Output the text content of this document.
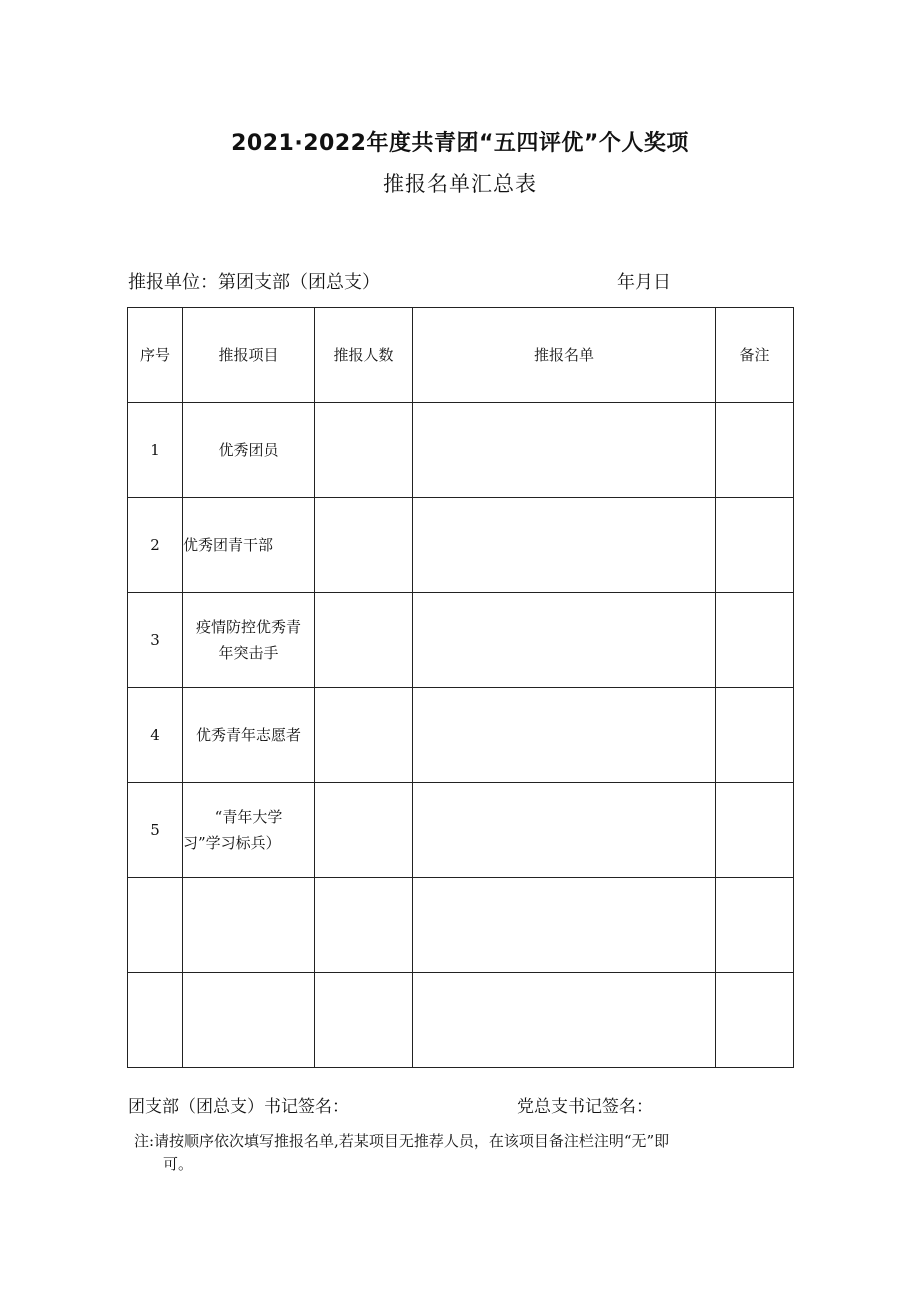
2021·2022年度共青团“五四评优”个人奖项
推报名单汇总表
推报单位：第团支部（团总支）	年月日
序号	推报项目	推报人数	推报名单	备注
1	优秀团员			

2	优秀团青干部			

3	疫情防控优秀青
年突击手			

4	优秀青年志愿者			

5	“青年大学
习”学习标兵）			

团支部（团总支）书记签名：	党总支书记签名：
注:请按顺序依次填写推报名单,若某项目无推荐人员，在该项目备注栏注明“无”即
可。
